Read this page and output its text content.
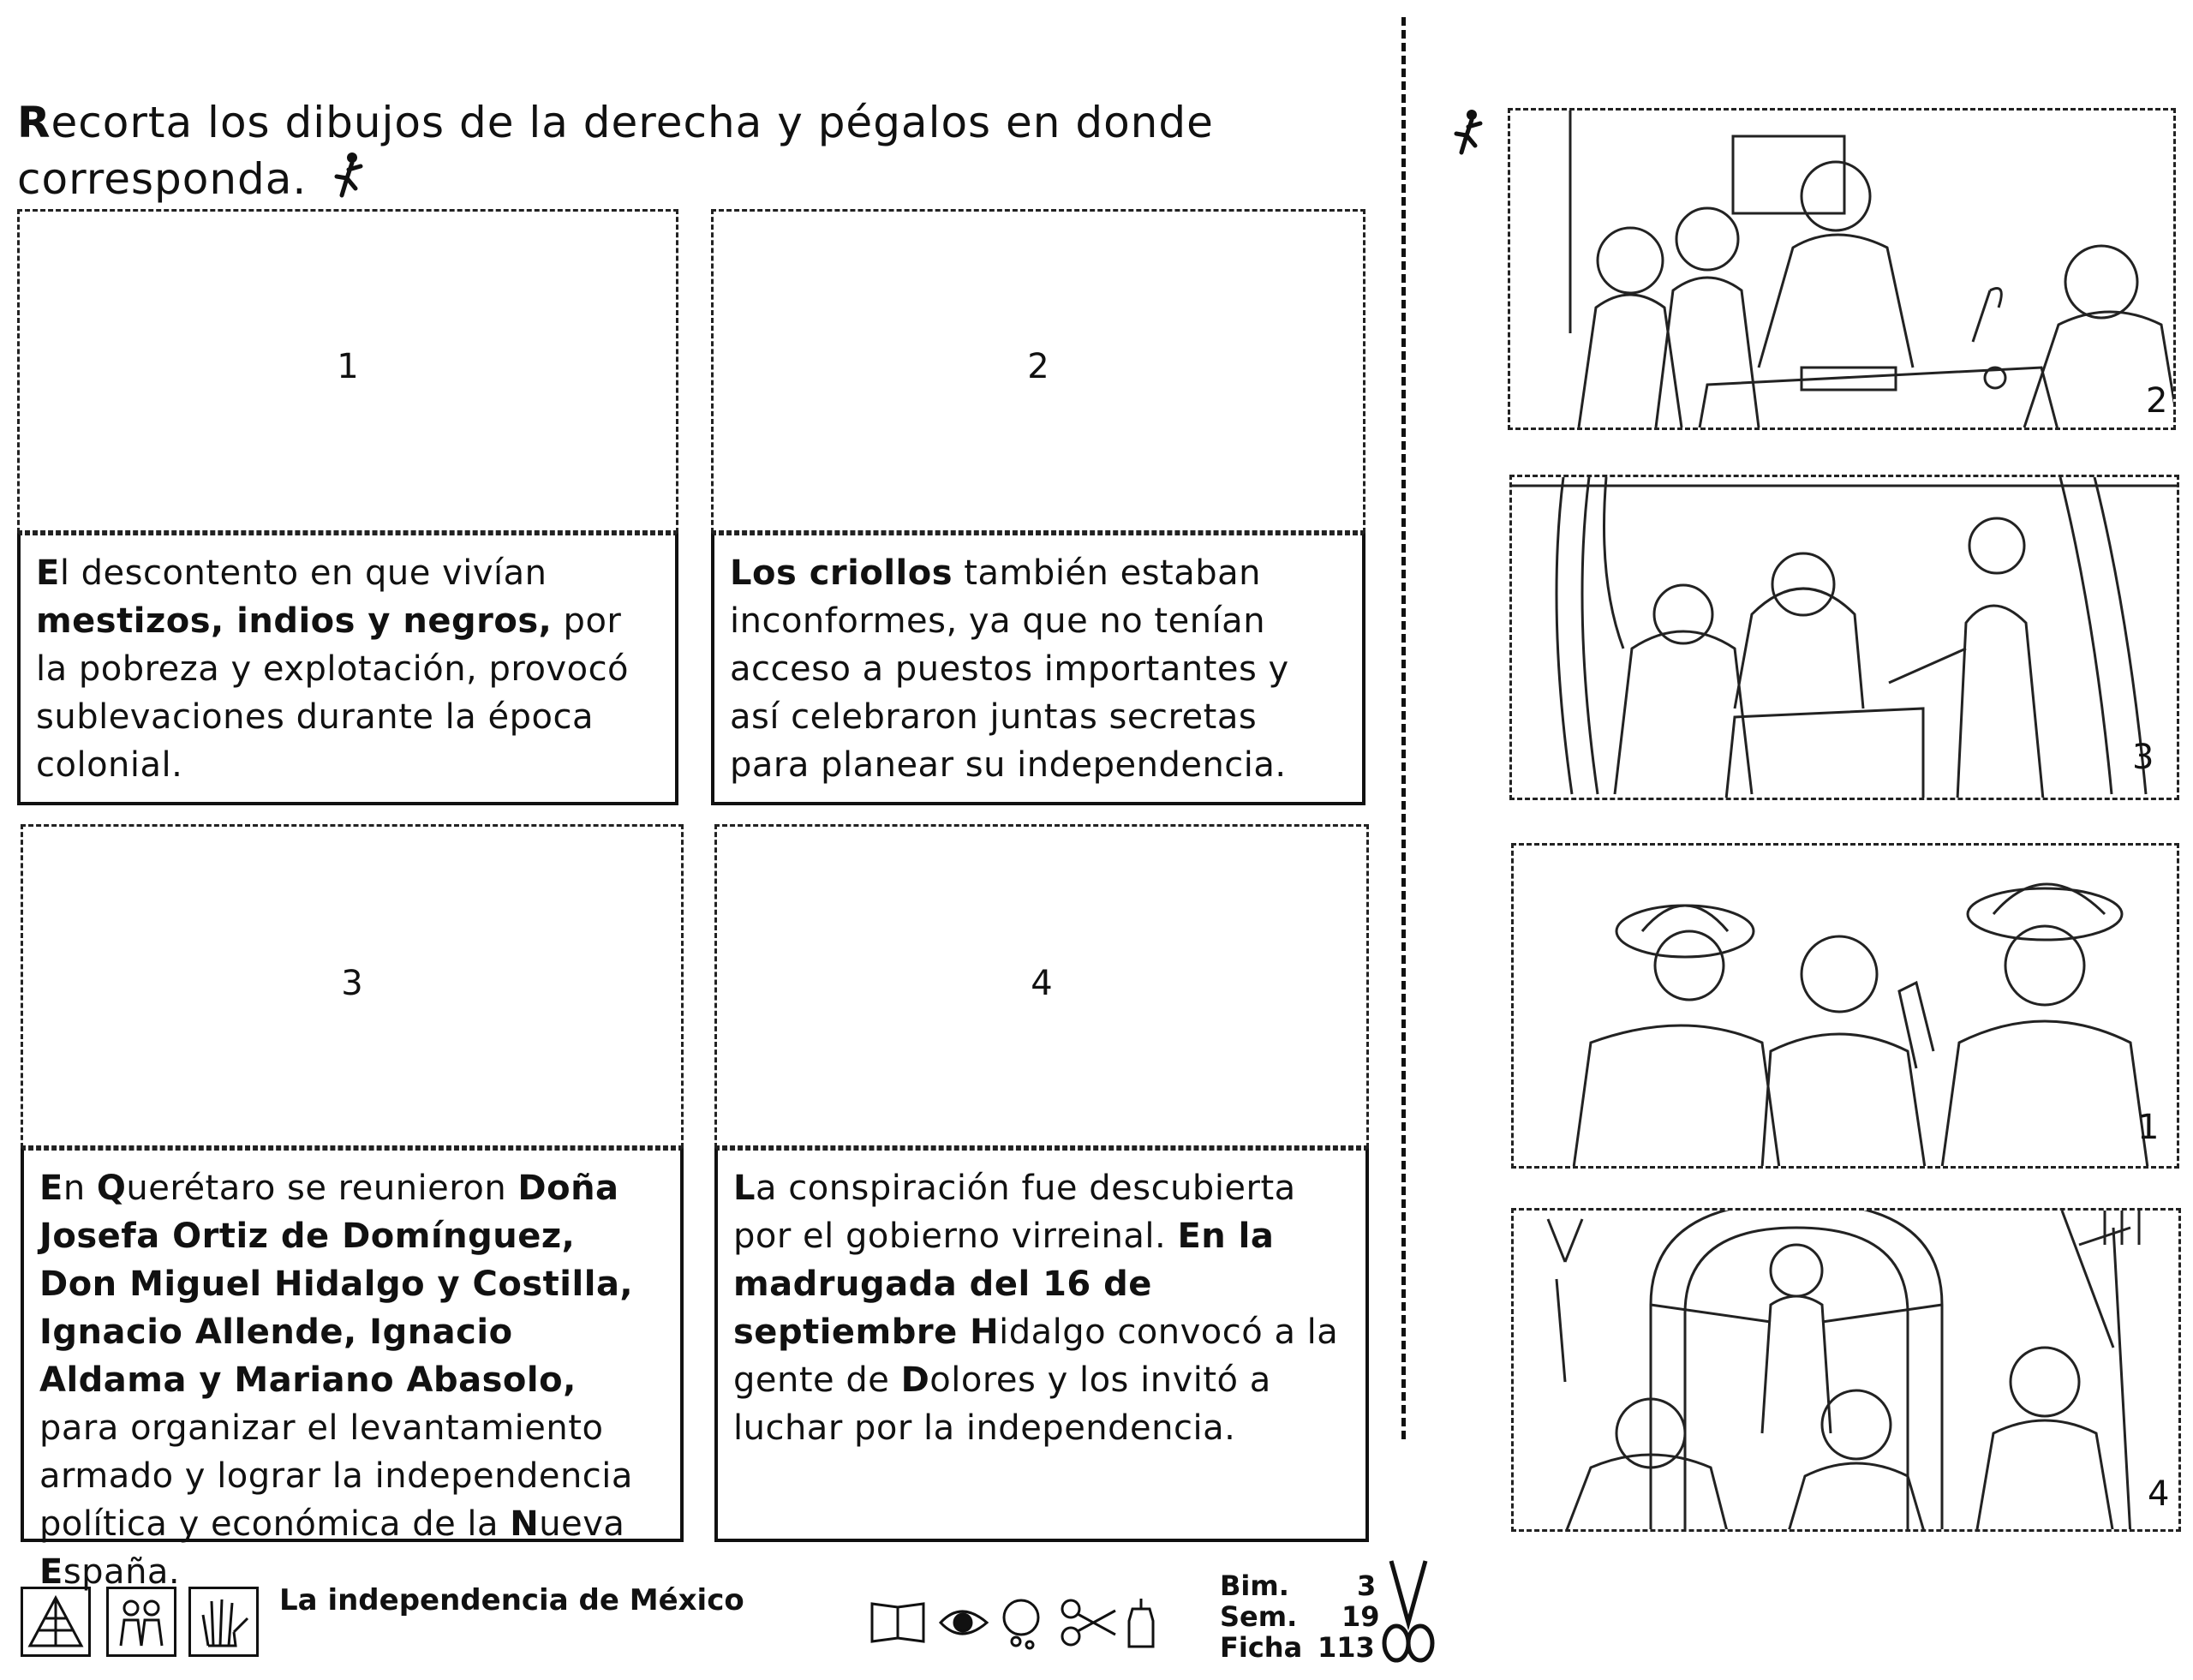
Recorta los dibujos de la derecha y pégalos en donde corresponda.
1
El descontento en que vivían mestizos, indios y negros, por la pobreza y explotación, provocó sublevaciones durante la época colonial.
2
Los criollos también estaban inconformes, ya que no tenían acceso a puestos importantes y así celebraron juntas secretas para planear su independencia.
3
En Querétaro se reunieron Doña Josefa Ortiz de Domínguez, Don Miguel Hidalgo y Costilla, Ignacio Allende, Ignacio Aldama y Mariano Abasolo, para organizar el levantamiento armado y lograr la independencia política y económica de la Nueva España.
4
La conspiración fue descubierta por el gobierno virreinal. En la madrugada del 16 de septiembre Hidalgo convocó a la gente de Dolores y los invitó a luchar por la independencia.
2
3
1
4
La independencia de México	Bim. 3
Sem. 19
Ficha 113
